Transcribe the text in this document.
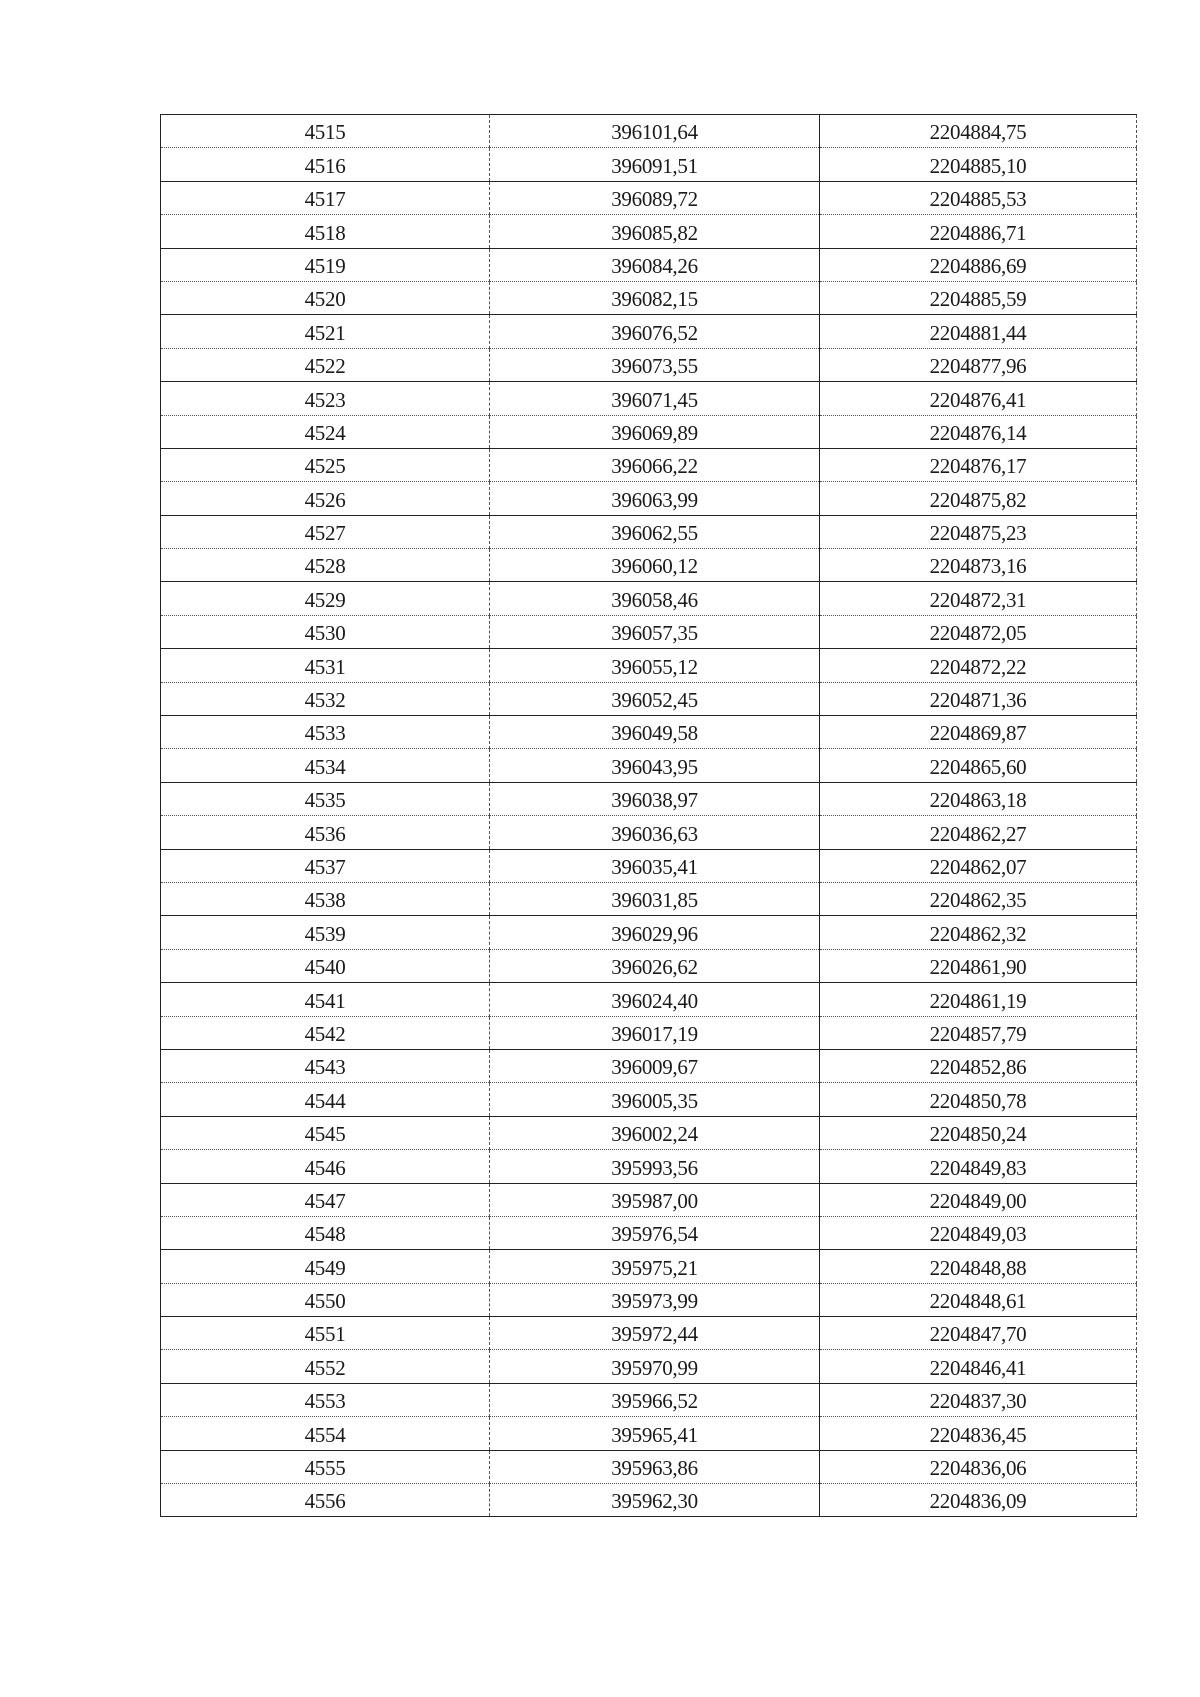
4515	396101,64	2204884,75
4516	396091,51	2204885,10
4517	396089,72	2204885,53
4518	396085,82	2204886,71
4519	396084,26	2204886,69
4520	396082,15	2204885,59
4521	396076,52	2204881,44
4522	396073,55	2204877,96
4523	396071,45	2204876,41
4524	396069,89	2204876,14
4525	396066,22	2204876,17
4526	396063,99	2204875,82
4527	396062,55	2204875,23
4528	396060,12	2204873,16
4529	396058,46	2204872,31
4530	396057,35	2204872,05
4531	396055,12	2204872,22
4532	396052,45	2204871,36
4533	396049,58	2204869,87
4534	396043,95	2204865,60
4535	396038,97	2204863,18
4536	396036,63	2204862,27
4537	396035,41	2204862,07
4538	396031,85	2204862,35
4539	396029,96	2204862,32
4540	396026,62	2204861,90
4541	396024,40	2204861,19
4542	396017,19	2204857,79
4543	396009,67	2204852,86
4544	396005,35	2204850,78
4545	396002,24	2204850,24
4546	395993,56	2204849,83
4547	395987,00	2204849,00
4548	395976,54	2204849,03
4549	395975,21	2204848,88
4550	395973,99	2204848,61
4551	395972,44	2204847,70
4552	395970,99	2204846,41
4553	395966,52	2204837,30
4554	395965,41	2204836,45
4555	395963,86	2204836,06
4556	395962,30	2204836,09
